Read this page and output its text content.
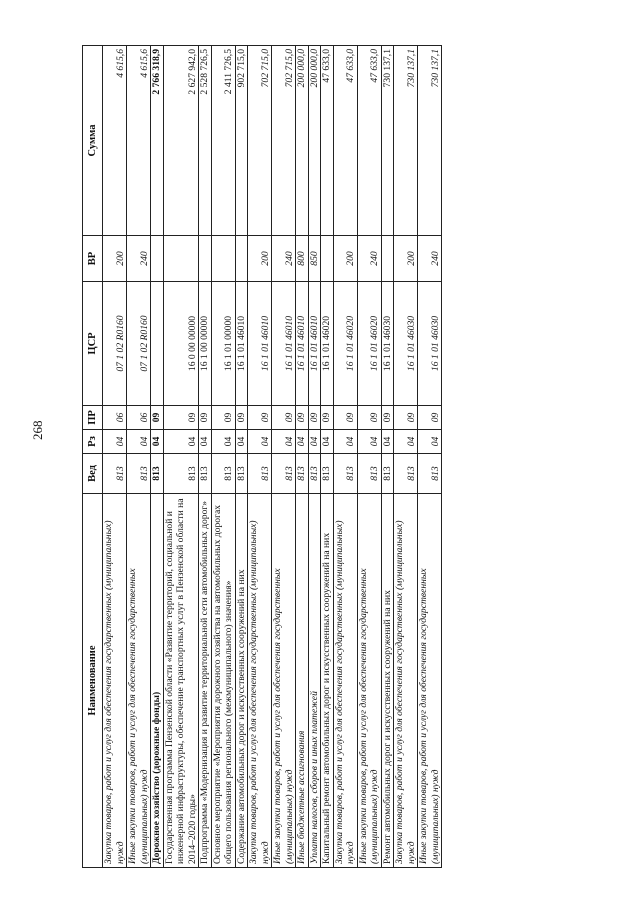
268
Наименование	Вед	Рз	ПР	ЦСР	ВР	Сумма
Закупка товаров, работ и услуг для обеспечения государственных (муниципальных) нужд	813	04	06	07 1 02 R0160	200	4 615,6
Иные закупки товаров, работ и услуг для обеспечения государственных (муниципальных) нужд	813	04	06	07 1 02 R0160	240	4 615,6
Дорожное хозяйство (дорожные фонды)	813	04	09			2 766 318,9
Государственная программа Пензенской области «Развитие территорий, социальной и инженерной инфраструктуры, обеспечение транспортных услуг в Пензенской области на 2014–2020 годы»	813	04	09	16 0 00 00000		2 627 942,0
Подпрограмма «Модернизация и развитие территориальной сети автомобильных дорог»	813	04	09	16 1 00 00000		2 528 726,5
Основное мероприятие «Мероприятия дорожного хозяйства на автомобильных дорогах общего пользования регионального (межмуниципального) значения»	813	04	09	16 1 01 00000		2 411 726,5
Содержание автомобильных дорог и искусственных сооружений на них	813	04	09	16 1 01 46010		902 715,0
Закупка товаров, работ и услуг для обеспечения государственных (муниципальных) нужд	813	04	09	16 1 01 46010	200	702 715,0
Иные закупки товаров, работ и услуг для обеспечения государственных (муниципальных) нужд	813	04	09	16 1 01 46010	240	702 715,0
Иные бюджетные ассигнования	813	04	09	16 1 01 46010	800	200 000,0
Уплата налогов, сборов и иных платежей	813	04	09	16 1 01 46010	850	200 000,0
Капитальный ремонт автомобильных дорог и искусственных сооружений на них	813	04	09	16 1 01 46020		47 633,0
Закупка товаров, работ и услуг для обеспечения государственных (муниципальных) нужд	813	04	09	16 1 01 46020	200	47 633,0
Иные закупки товаров, работ и услуг для обеспечения государственных (муниципальных) нужд	813	04	09	16 1 01 46020	240	47 633,0
Ремонт автомобильных дорог и искусственных сооружений на них	813	04	09	16 1 01 46030		730 137,1
Закупка товаров, работ и услуг для обеспечения государственных (муниципальных) нужд	813	04	09	16 1 01 46030	200	730 137,1
Иные закупки товаров, работ и услуг для обеспечения государственных (муниципальных) нужд	813	04	09	16 1 01 46030	240	730 137,1
